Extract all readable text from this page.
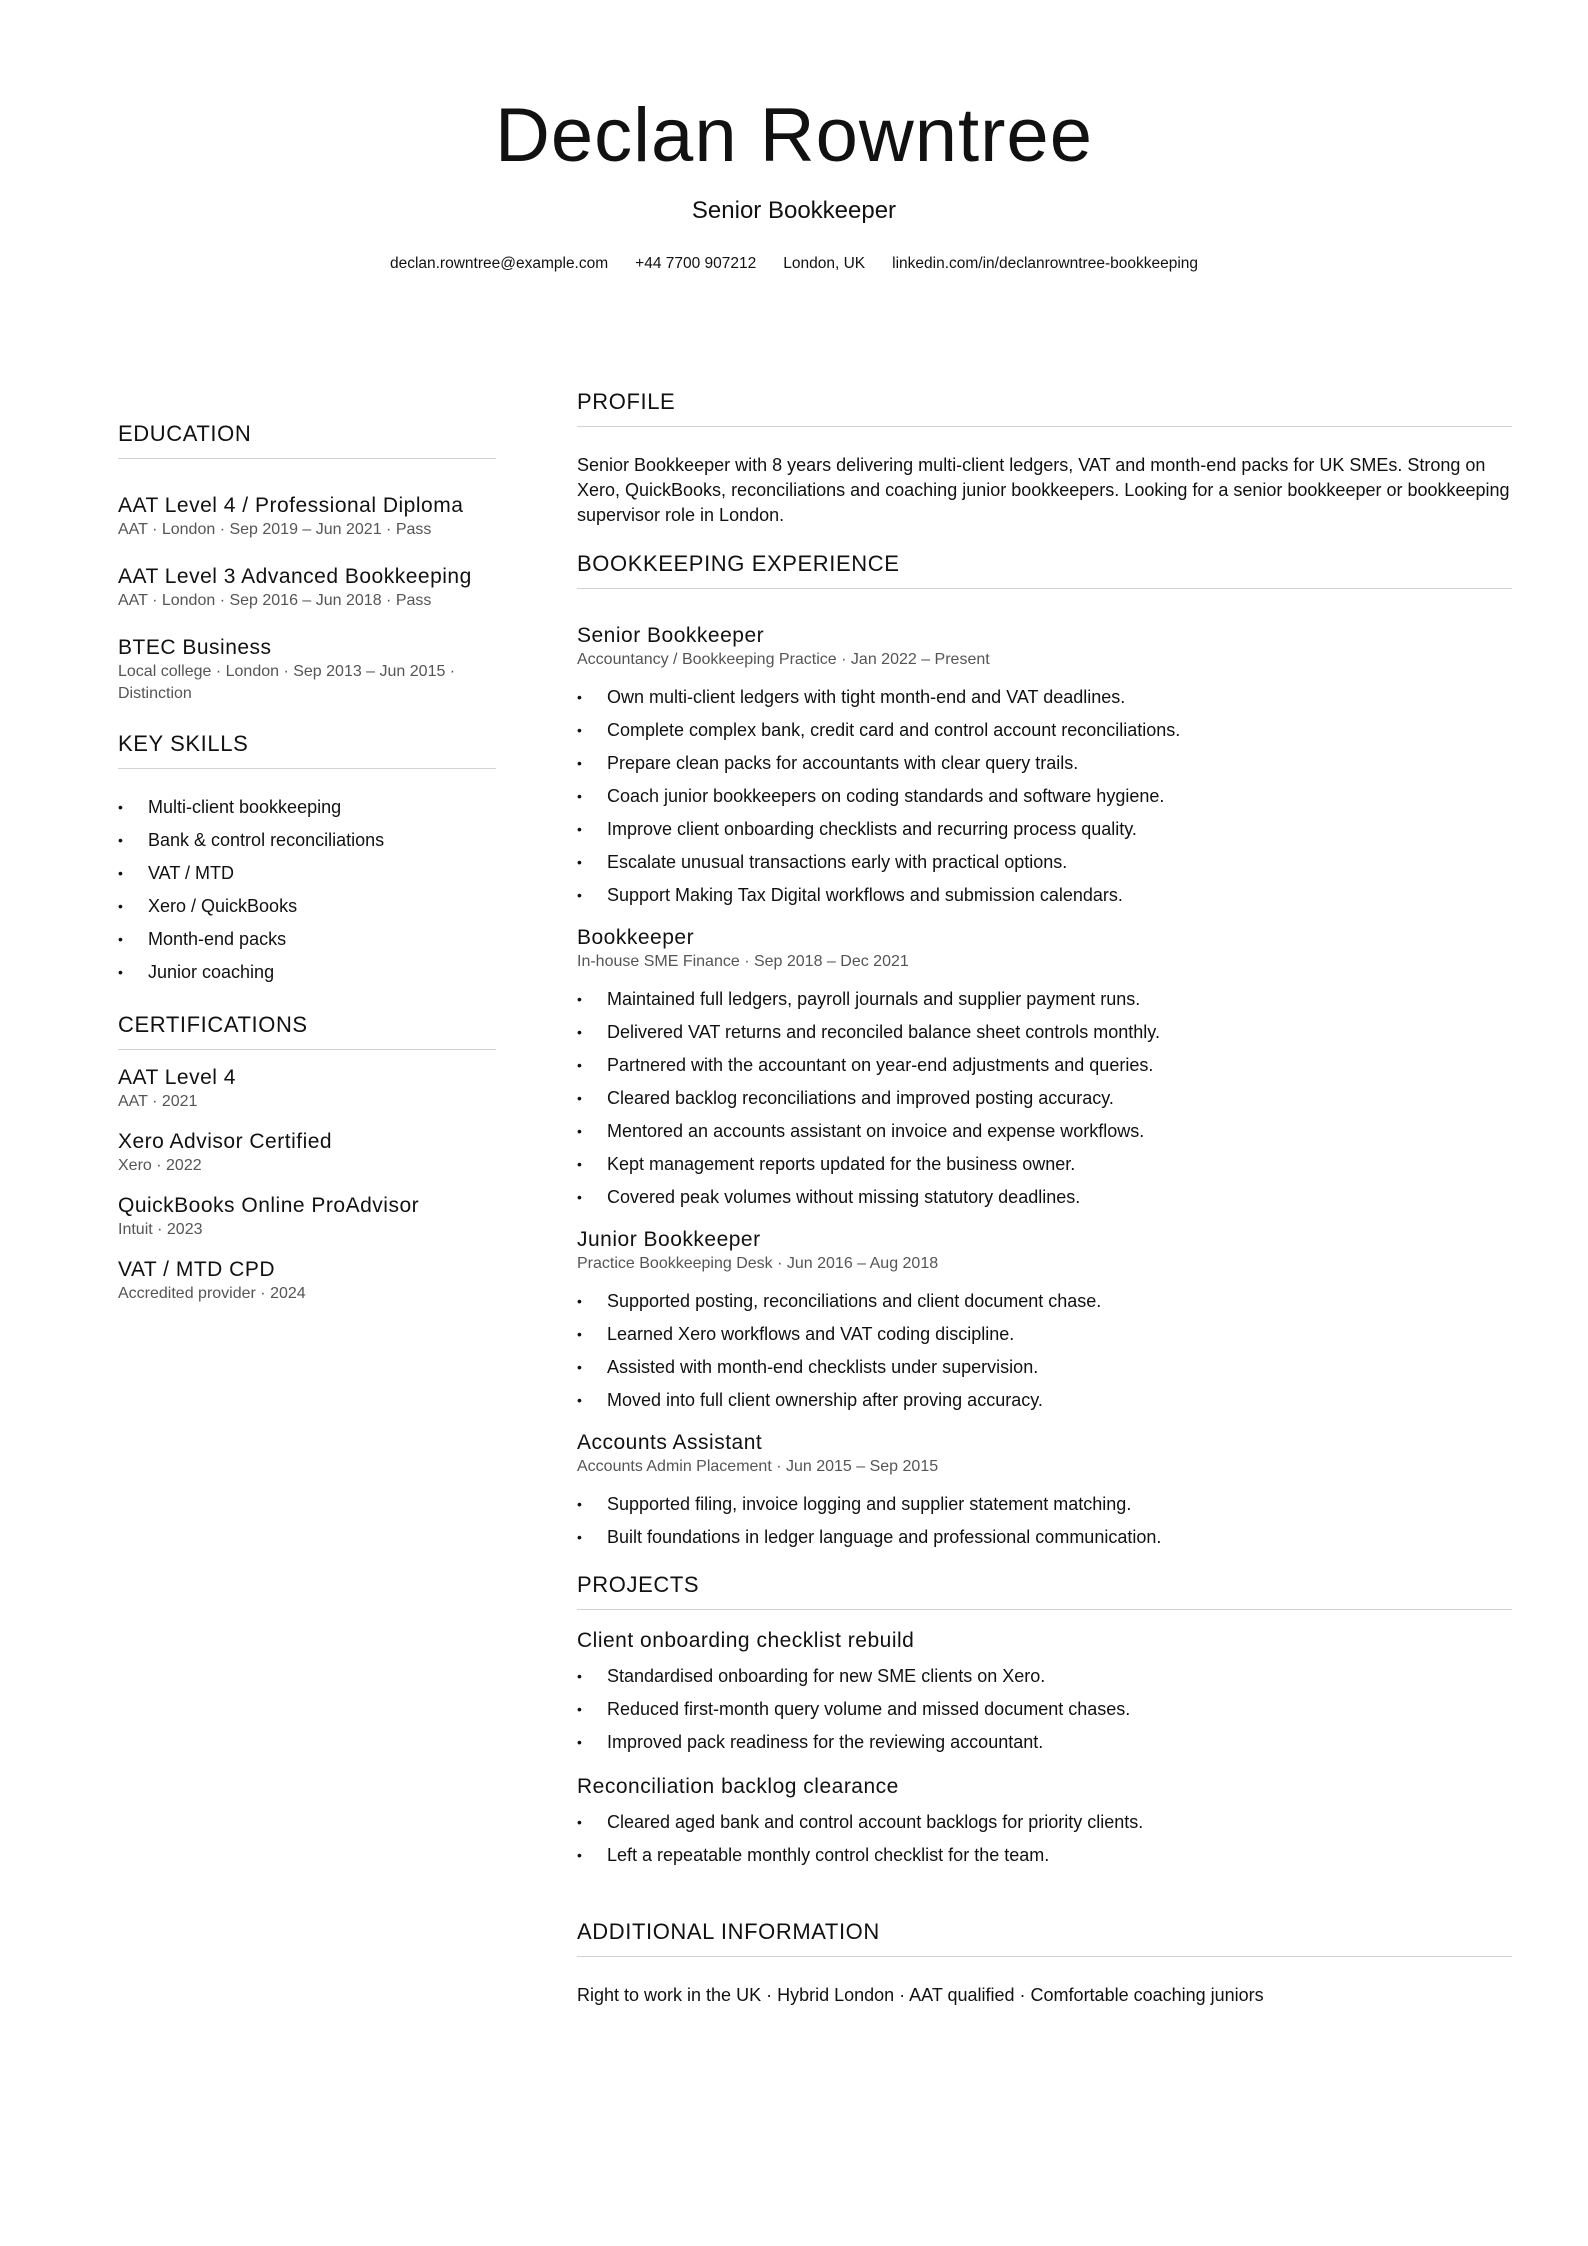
Declan Rowntree
Senior Bookkeeper
declan.rowntree@example.com +44 7700 907212 London, UK linkedin.com/in/declanrowntree-bookkeeping
EDUCATION
AAT Level 4 / Professional Diploma
AAT · London · Sep 2019 – Jun 2021 · Pass
AAT Level 3 Advanced Bookkeeping
AAT · London · Sep 2016 – Jun 2018 · Pass
BTEC Business
Local college · London · Sep 2013 – Jun 2015 · Distinction
KEY SKILLS
• Multi-client bookkeeping
• Bank & control reconciliations
• VAT / MTD
• Xero / QuickBooks
• Month-end packs
• Junior coaching
CERTIFICATIONS
AAT Level 4
AAT · 2021
Xero Advisor Certified
Xero · 2022
QuickBooks Online ProAdvisor
Intuit · 2023
VAT / MTD CPD
Accredited provider · 2024
PROFILE
Senior Bookkeeper with 8 years delivering multi-client ledgers, VAT and month-end packs for UK SMEs. Strong on Xero, QuickBooks, reconciliations and coaching junior bookkeepers. Looking for a senior bookkeeper or bookkeeping supervisor role in London.
BOOKKEEPING EXPERIENCE
Senior Bookkeeper
Accountancy / Bookkeeping Practice · Jan 2022 – Present
• Own multi-client ledgers with tight month-end and VAT deadlines.
• Complete complex bank, credit card and control account reconciliations.
• Prepare clean packs for accountants with clear query trails.
• Coach junior bookkeepers on coding standards and software hygiene.
• Improve client onboarding checklists and recurring process quality.
• Escalate unusual transactions early with practical options.
• Support Making Tax Digital workflows and submission calendars.
Bookkeeper
In-house SME Finance · Sep 2018 – Dec 2021
• Maintained full ledgers, payroll journals and supplier payment runs.
• Delivered VAT returns and reconciled balance sheet controls monthly.
• Partnered with the accountant on year-end adjustments and queries.
• Cleared backlog reconciliations and improved posting accuracy.
• Mentored an accounts assistant on invoice and expense workflows.
• Kept management reports updated for the business owner.
• Covered peak volumes without missing statutory deadlines.
Junior Bookkeeper
Practice Bookkeeping Desk · Jun 2016 – Aug 2018
• Supported posting, reconciliations and client document chase.
• Learned Xero workflows and VAT coding discipline.
• Assisted with month-end checklists under supervision.
• Moved into full client ownership after proving accuracy.
Accounts Assistant
Accounts Admin Placement · Jun 2015 – Sep 2015
• Supported filing, invoice logging and supplier statement matching.
• Built foundations in ledger language and professional communication.
PROJECTS
Client onboarding checklist rebuild
• Standardised onboarding for new SME clients on Xero.
• Reduced first-month query volume and missed document chases.
• Improved pack readiness for the reviewing accountant.
Reconciliation backlog clearance
• Cleared aged bank and control account backlogs for priority clients.
• Left a repeatable monthly control checklist for the team.
ADDITIONAL INFORMATION
Right to work in the UK · Hybrid London · AAT qualified · Comfortable coaching juniors
